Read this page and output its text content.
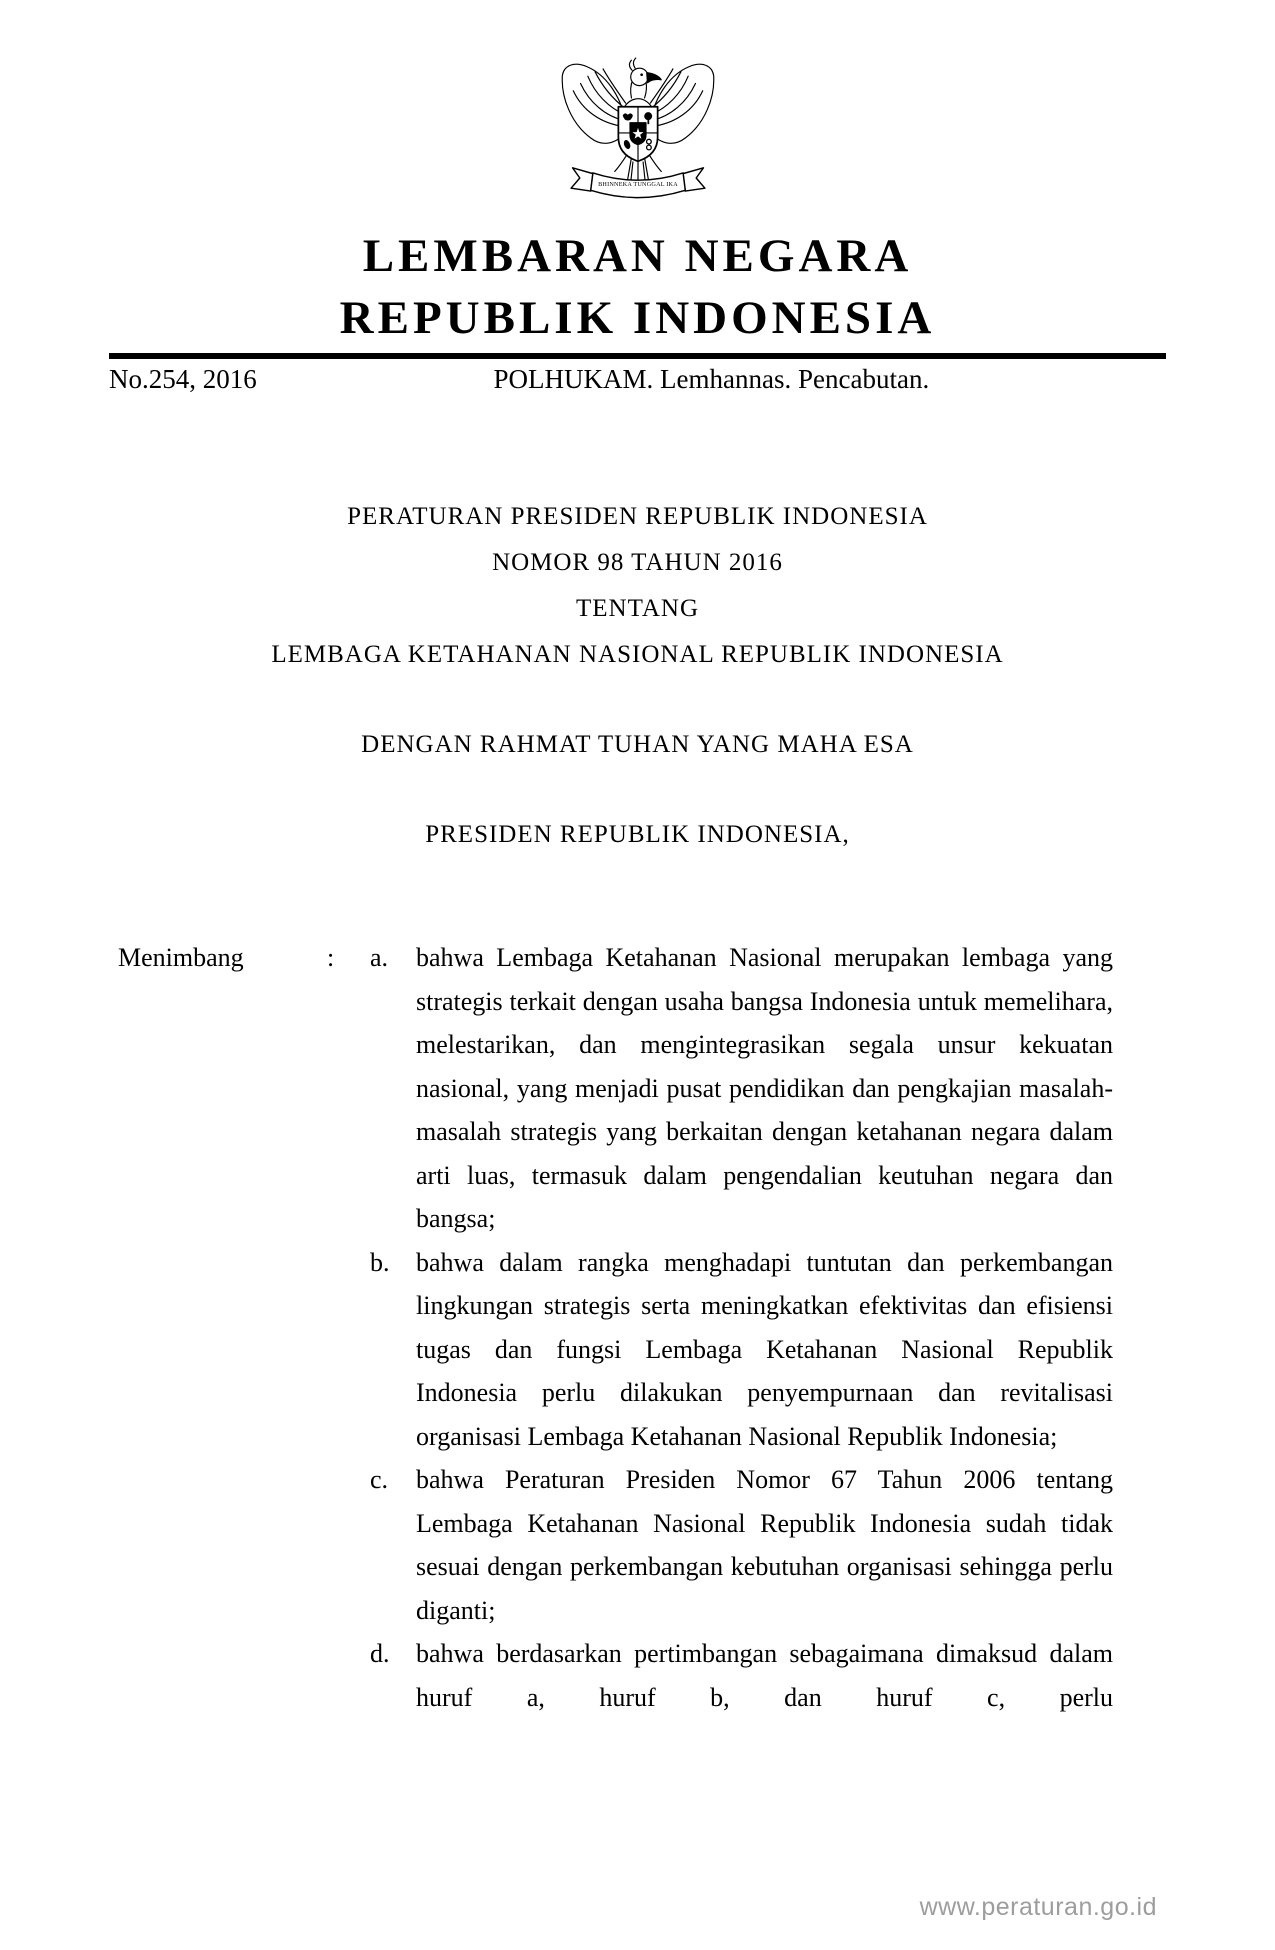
BHINNEKA TUNGGAL IKA
LEMBARAN NEGARA
REPUBLIK INDONESIA
No.254, 2016	POLHUKAM. Lemhannas. Pencabutan.
PERATURAN PRESIDEN REPUBLIK INDONESIA
NOMOR 98 TAHUN 2016
TENTANG
LEMBAGA KETAHANAN NASIONAL REPUBLIK INDONESIA
DENGAN RAHMAT TUHAN YANG MAHA ESA
PRESIDEN REPUBLIK INDONESIA,
Menimbang	:	a.	bahwa Lembaga Ketahanan Nasional merupakan lembaga yang strategis terkait dengan usaha bangsa Indonesia untuk memelihara, melestarikan, dan mengintegrasikan segala unsur kekuatan nasional, yang menjadi pusat pendidikan dan pengkajian masalah-masalah strategis yang berkaitan dengan ketahanan negara dalam arti luas, termasuk dalam pengendalian keutuhan negara dan bangsa;
b.	bahwa dalam rangka menghadapi tuntutan dan perkembangan lingkungan strategis serta meningkatkan efektivitas dan efisiensi tugas dan fungsi Lembaga Ketahanan Nasional Republik Indonesia perlu dilakukan penyempurnaan dan revitalisasi organisasi Lembaga Ketahanan Nasional Republik Indonesia;
c.	bahwa Peraturan Presiden Nomor 67 Tahun 2006 tentang Lembaga Ketahanan Nasional Republik Indonesia sudah tidak sesuai dengan perkembangan kebutuhan organisasi sehingga perlu diganti;
d.	bahwa berdasarkan pertimbangan sebagaimana dimaksud dalam huruf a, huruf b, dan huruf c, perlu
www.peraturan.go.id
